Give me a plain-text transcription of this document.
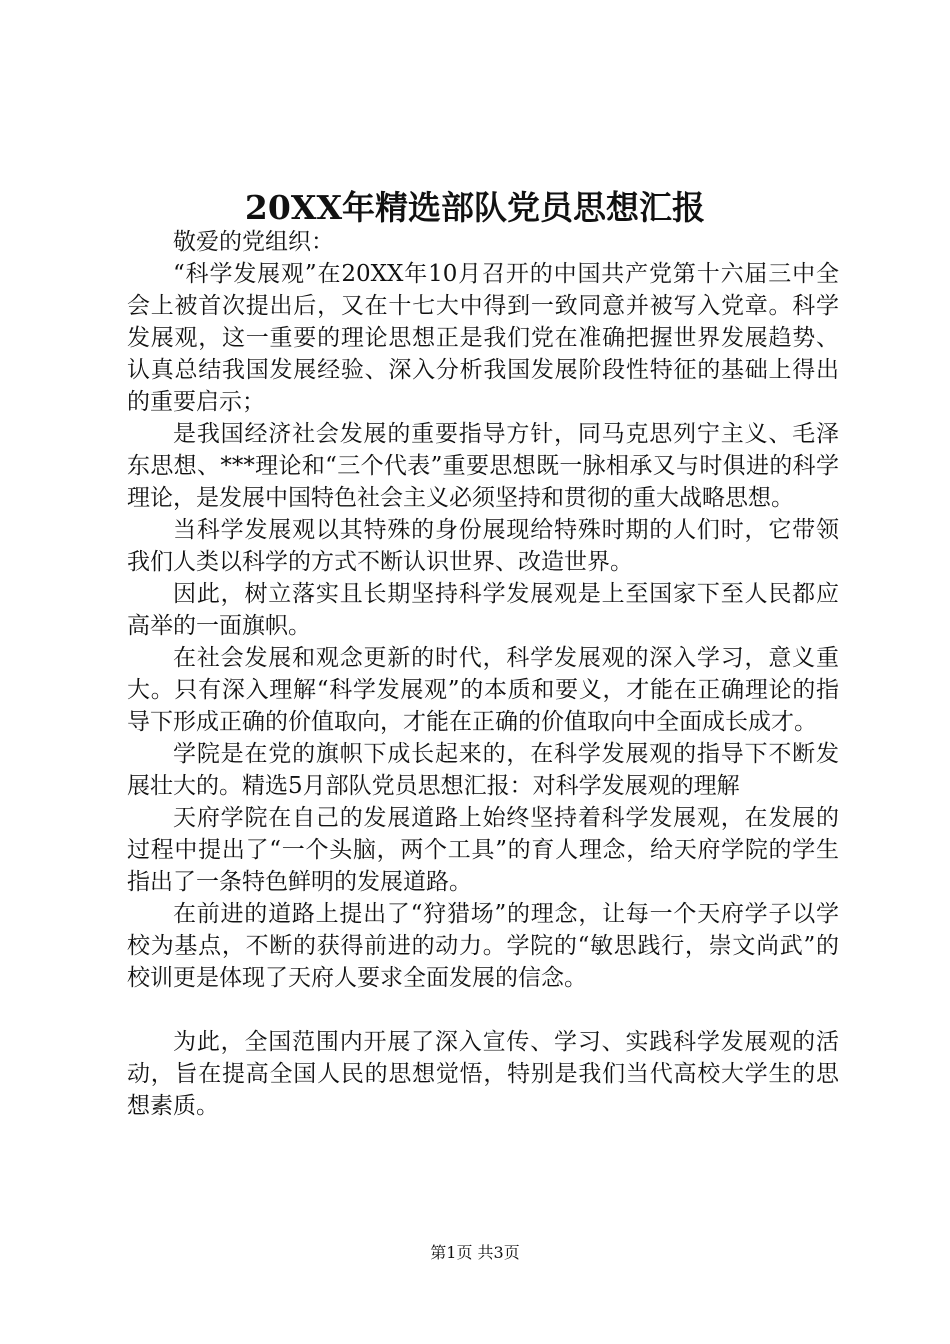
20XX年精选部队党员思想汇报

敬爱的党组织：

“科学发展观”在20XX年10月召开的中国共产党第十六届三中全会上被首次提出后，又在十七大中得到一致同意并被写入党章。科学发展观，这一重要的理论思想正是我们党在准确把握世界发展趋势、认真总结我国发展经验、深入分析我国发展阶段性特征的基础上得出的重要启示；

是我国经济社会发展的重要指导方针，同马克思列宁主义、毛泽东思想、***理论和“三个代表”重要思想既一脉相承又与时俱进的科学理论，是发展中国特色社会主义必须坚持和贯彻的重大战略思想。

当科学发展观以其特殊的身份展现给特殊时期的人们时，它带领我们人类以科学的方式不断认识世界、改造世界。

因此，树立落实且长期坚持科学发展观是上至国家下至人民都应高举的一面旗帜。

在社会发展和观念更新的时代，科学发展观的深入学习，意义重大。只有深入理解“科学发展观”的本质和要义，才能在正确理论的指导下形成正确的价值取向，才能在正确的价值取向中全面成长成才。

学院是在党的旗帜下成长起来的，在科学发展观的指导下不断发展壮大的。精选5月部队党员思想汇报：对科学发展观的理解

天府学院在自己的发展道路上始终坚持着科学发展观，在发展的过程中提出了“一个头脑，两个工具”的育人理念，给天府学院的学生指出了一条特色鲜明的发展道路。

在前进的道路上提出了“狩猎场”的理念，让每一个天府学子以学校为基点，不断的获得前进的动力。学院的“敏思践行，崇文尚武”的校训更是体现了天府人要求全面发展的信念。

为此，全国范围内开展了深入宣传、学习、实践科学发展观的活动，旨在提高全国人民的思想觉悟，特别是我们当代高校大学生的思想素质。

第1页 共3页
